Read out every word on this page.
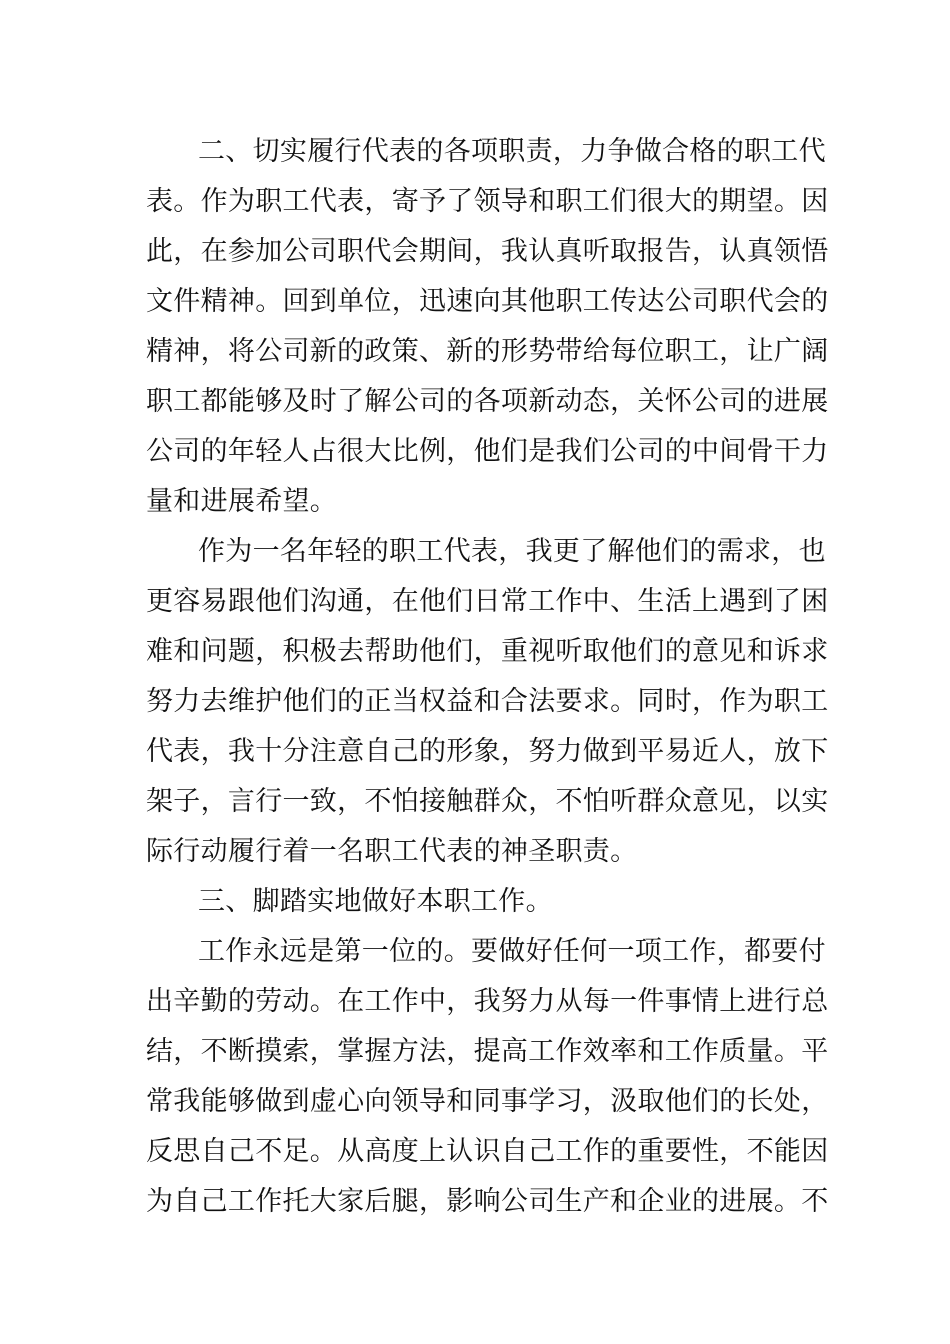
二、切实履行代表的各项职责，力争做合格的职工代
表。作为职工代表，寄予了领导和职工们很大的期望。因
此，在参加公司职代会期间，我认真听取报告，认真领悟
文件精神。回到单位，迅速向其他职工传达公司职代会的
精神，将公司新的政策、新的形势带给每位职工，让广阔
职工都能够及时了解公司的各项新动态，关怀公司的进展
公司的年轻人占很大比例，他们是我们公司的中间骨干力
量和进展希望。
作为一名年轻的职工代表，我更了解他们的需求，也
更容易跟他们沟通，在他们日常工作中、生活上遇到了困
难和问题，积极去帮助他们，重视听取他们的意见和诉求
努力去维护他们的正当权益和合法要求。同时，作为职工
代表，我十分注意自己的形象，努力做到平易近人，放下
架子，言行一致，不怕接触群众，不怕听群众意见，以实
际行动履行着一名职工代表的神圣职责。
三、脚踏实地做好本职工作。
工作永远是第一位的。要做好任何一项工作，都要付
出辛勤的劳动。在工作中，我努力从每一件事情上进行总
结，不断摸索，掌握方法，提高工作效率和工作质量。平
常我能够做到虚心向领导和同事学习，汲取他们的长处，
反思自己不足。从高度上认识自己工作的重要性，不能因
为自己工作托大家后腿，影响公司生产和企业的进展。不
